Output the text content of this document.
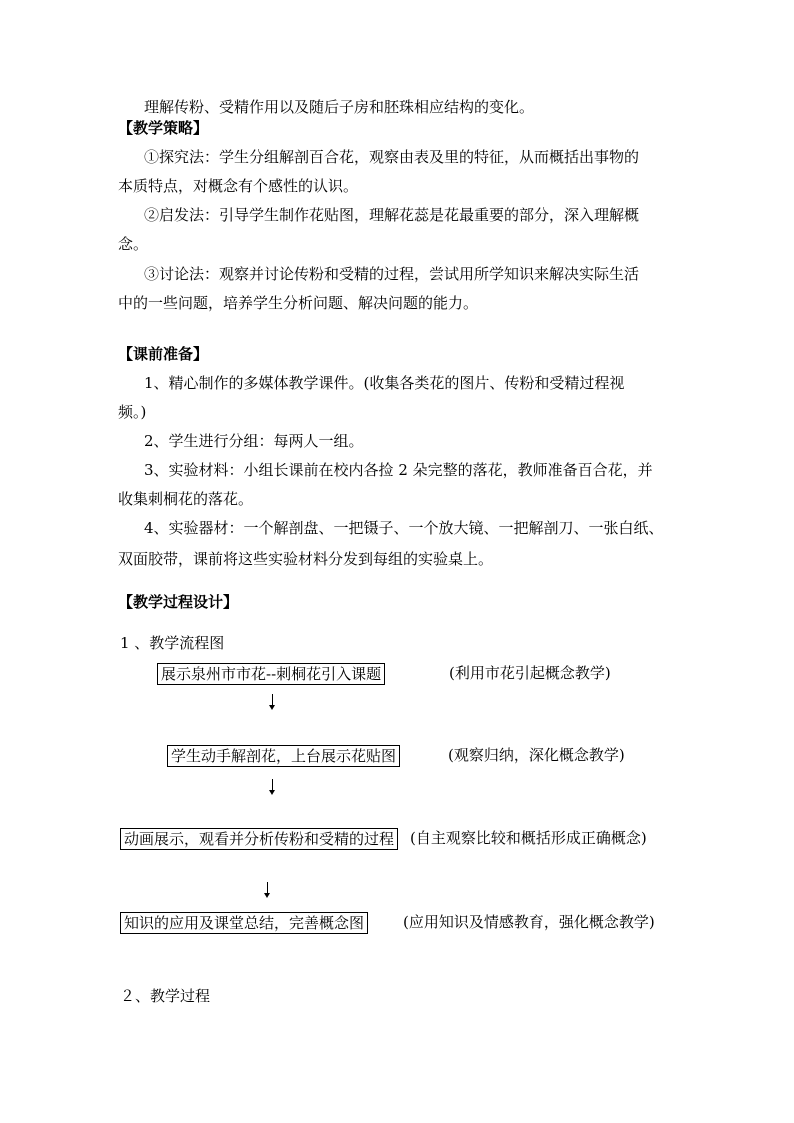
理解传粉、受精作用以及随后子房和胚珠相应结构的变化。
【教学策略】
①探究法：学生分组解剖百合花，观察由表及里的特征，从而概括出事物的
本质特点，对概念有个感性的认识。
②启发法：引导学生制作花贴图，理解花蕊是花最重要的部分，深入理解概
念。
③讨论法：观察并讨论传粉和受精的过程，尝试用所学知识来解决实际生活
中的一些问题，培养学生分析问题、解决问题的能力。
【课前准备】
1、精心制作的多媒体教学课件。(收集各类花的图片、传粉和受精过程视
频。)
2、学生进行分组：每两人一组。
3、实验材料：小组长课前在校内各捡 2 朵完整的落花，教师准备百合花，并
收集刺桐花的落花。
4、实验器材：一个解剖盘、一把镊子、一个放大镜、一把解剖刀、一张白纸、
双面胶带，课前将这些实验材料分发到每组的实验桌上。
【教学过程设计】
1 、教学流程图
展示泉州市市花--刺桐花引入课题	(利用市花引起概念教学)
学生动手解剖花，上台展示花贴图	(观察归纳，深化概念教学)
动画展示，观看并分析传粉和受精的过程 (自主观察比较和概括形成正确概念)
知识的应用及课堂总结，完善概念图	(应用知识及情感教育，强化概念教学)
２、教学过程
